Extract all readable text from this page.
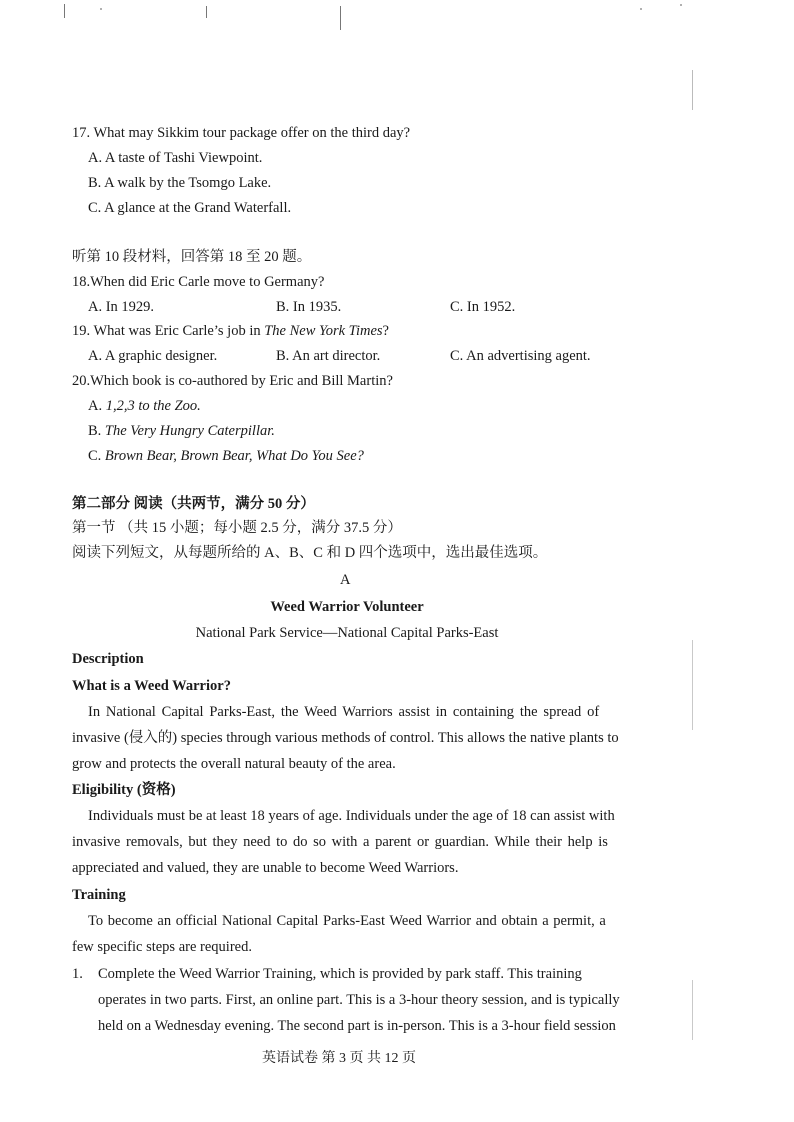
17. What may Sikkim tour package offer on the third day?
A. A taste of Tashi Viewpoint.
B. A walk by the Tsomgo Lake.
C. A glance at the Grand Waterfall.
听第 10 段材料，回答第 18 至 20 题。
18.When did Eric Carle move to Germany?
A. In 1929.	B. In 1935.	C. In 1952.
19. What was Eric Carle’s job in The New York Times?
A. A graphic designer.	B. An art director.	C. An advertising agent.
20.Which book is co-authored by Eric and Bill Martin?
A. 1,2,3 to the Zoo.
B. The Very Hungry Caterpillar.
C. Brown Bear, Brown Bear, What Do You See?
第二部分 阅读（共两节，满分 50 分）
第一节 （共 15 小题；每小题 2.5 分，满分 37.5 分）
阅读下列短文，从每题所给的 A、B、C 和 D 四个选项中，选出最佳选项。
A
Weed Warrior Volunteer
National Park Service—National Capital Parks-East
Description
What is a Weed Warrior?
In National Capital Parks-East, the Weed Warriors assist in containing the spread of
invasive (侵入的) species through various methods of control. This allows the native plants to
grow and protects the overall natural beauty of the area.
Eligibility (资格)
Individuals must be at least 18 years of age. Individuals under the age of 18 can assist with
invasive removals, but they need to do so with a parent or guardian. While their help is
appreciated and valued, they are unable to become Weed Warriors.
Training
To become an official National Capital Parks-East Weed Warrior and obtain a permit, a
few specific steps are required.
1. Complete the Weed Warrior Training, which is provided by park staff. This training
operates in two parts. First, an online part. This is a 3-hour theory session, and is typically
held on a Wednesday evening. The second part is in-person. This is a 3-hour field session
英语试卷 第 3 页 共 12 页
